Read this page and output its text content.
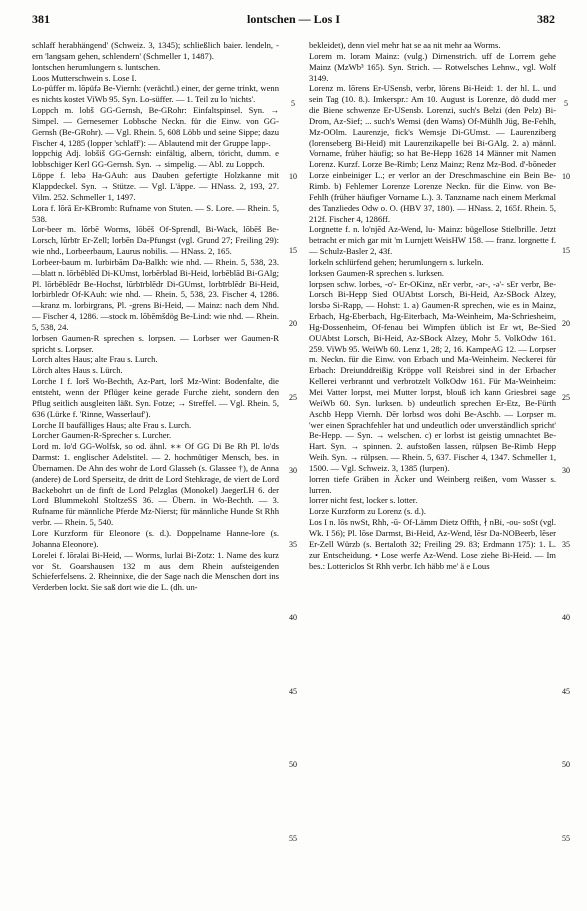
381	lontschen — Los I	382

schlaff herabhängend' (Schweiz. 3, 1345); schließlich baier. lendeln, -ern 'langsam gehen, schlendern' (Schmeller 1, 1487).

lontschen herumlungern s. luntschen.

Loos Mutterschwein s. Lose I.

Lo-püffer m. lōpüfə Be-Viernh: (verächtl.) einer, der gerne trinkt, wenn es nichts kostet ViWb 95. Syn. Lo-süffer. — 1. Teil zu lo 'nichts'.

Loppch m. lobš GG-Gernsh, Be-GRohr: Einfaltspinsel. Syn. → Simpel. — Gernesemer Lobbsche Neckn. für die Einw. von GG-Gernsh (Be-GRohr). — Vgl. Rhein. 5, 608 Löbb und seine Sippe; dazu Fischer 4, 1285 (lopper 'schlaff'): — Ablautend mit der Gruppe lapp-.

loppchig Adj. lobšiš GG-Gernsh: einfältig, albern, töricht, dumm. e lobbschiger Kerl GG-Gernsh. Syn. → simpelig. — Abl. zu Loppch.

Löppe f. lebə Ha-GAuh: aus Dauben gefertigte Holzkanne mit Klappdeckel. Syn. → Stütze. — Vgl. L'äppe. — HNass. 2, 193, 27. Vilm. 252. Schmeller 1, 1497.

Lora f. lōrā Er-KBromb: Rufname von Stuten. — S. Lore. — Rhein. 5, 538.

Lor-beer m. lōrbē Worms, lōbēš Of-Sprendl, Bi-Wack, lōbēš Be-Lorsch, lūrbīr Er-Zell; lorbēn Da-Pfungst (vgl. Grund 27; Freiling 29): wie nhd., Lorbeerbaum, Laurus nobilis. — HNass. 2, 165.

Lorbeer-baum m. lurbirbām Da-Balkh: wie nhd. — Rhein. 5, 538, 23. —blatt n. lōrbēblēd Di-KUmst, lorbērblad Bi-Heid, lorbēblād Bi-GAlg; Pl. lōrbēblēdr Be-Hochst, lūrbīrblēdr Di-GUmst, lorbīrblēdr Bi-Heid, lorbirbledr Of-KAuh: wie nhd. — Rhein. 5, 538, 23. Fischer 4, 1286. —kranz m. lorbirgrans, Pl. -grens Bi-Heid, — Mainz: nach dem Nhd. — Fischer 4, 1286. —stock m. lōbēmšdög Be-Lind: wie nhd. — Rhein. 5, 538, 24.

lorbsen Gaumen-R sprechen s. lorpsen. — Lorbser wer Gaumen-R spricht s. Lorpser.

Lorch altes Haus; alte Frau s. Lurch.

Lörch altes Haus s. Lürch.

Lorche I f. lorš Wo-Bechth, Az-Part, lorš Mz-Wint: Bodenfalte, die entsteht, wenn der Pflüger keine gerade Furche zieht, sondern den Pflug seitlich ausgleiten läßt. Syn. Fotze; → Streffel. — Vgl. Rhein. 5, 636 (Lürke f. 'Rinne, Wasserlauf').

Lorche II baufälliges Haus; alte Frau s. Lurch.

Lorcher Gaumen-R-Sprecher s. Lurcher.

Lord m. lo'd GG-Wolfsk, so od. ähnl. ∗∗ Of GG Di Be Rh Pl. lo'ds Darmst: 1. englischer Adelstitel. — 2. hochmütiger Mensch, bes. in Übernamen. De Ahn des wohr de Lord Glasseh (s. Glassee †), de Anna (andere) de Lord Sperseitz, de dritt de Lord Stehkrage, de viert de Lord Backebohrt un de finft de Lord Pelzglas (Monokel) JaegerLH 6. der Lord Blummekohl StoltzeSS 36. — Übern. in Wo-Bechth. — 3. Rufname für männliche Pferde Mz-Nierst; für männliche Hunde St Rhh verbr. — Rhein. 5, 540.

Lore Kurzform für Eleonore (s. d.). Doppelname Hanne-lore (s. Johanna Eleonore).

Lorelei f. lōrəlai Bi-Heid, — Worms, lurlai Bi-Zotz: 1. Name des kurz vor St. Goarshausen 132 m aus dem Rhein aufsteigenden Schieferfelsens. 2. Rheinnixe, die der Sage nach die Menschen dort ins Verderben lockt. Sie saß dort wie die L. (dh. un-

5
10
15
20
25
30
35
40
45
50
55

bekleidet), denn viel mehr hat se aa nit mehr aa Worms.

Lorem m. lorəm Mainz: (vulg.) Dirnenstrich. uff de Lorrem gehe Mainz (MzWb³ 165). Syn. Strich. — Rotwelsches Lehnw., vgl. Wolf 3149.

Lorenz m. lōrens Er-USensb, verbr, lōrens Bi-Heid: 1. der hl. L. und sein Tag (10. 8.). Imkerspr.: Am 10. August is Lorenze, dö dudd mer die Biene schwenze Er-USensb. Lorenzi, such's Belzi (den Pelz) Bi-Drom, Az-Sief; ... such's Wemsi (den Wams) Of-Mühlh Jüg, Be-Fehlh, Mz-OOlm. Laurenzje, fick's Wemsje Di-GUmst. — Laurenziberg (lorenseberg Bi-Heid) mit Laurenzikapelle bei Bi-GAlg. 2. a) männl. Vorname, früher häufig; so hat Be-Hepp 1628 14 Männer mit Namen Lorenz. Kurzf. Lorze Be-Rimb; Lenz Mainz; Renz Mz-Bod. d'-bōneder Lorze einbeiniger L.; er verlor an der Dreschmaschine ein Bein Be-Rimb. b) Fehlemer Lorenze Lorenze Neckn. für die Einw. von Be-Fehlh (früher häufiger Vorname L.). 3. Tanzname nach einem Merkmal des Tanzliedes Odw o. O. (HBV 37, 180). — HNass. 2, 165f. Rhein. 5, 212f. Fischer 4, 1286ff.

Lorgnette f. n. lo'njēd Az-Wend, lu- Mainz: bügellose Stielbrille. Jetzt betracht er mich gar mit 'm Lurnjett WeisHW 158. — franz. lorgnette f. — Schulz-Basler 2, 43f.

lorkeln schlürfend gehen; herumlungern s. lurkeln.

lorksen Gaumen-R sprechen s. lurksen.

lorpsen schw. lorbes, -o'- Er-OKinz, nEr verbr, -ər-, -ə'- sEr verbr, Be-Lorsch Bi-Hepp Sied OUAbtst Lorsch, Bi-Heid, Az-SBock Alzey, lorsbə Si-Rapp, — Hohst: 1. a) Gaumen-R sprechen, wie es in Mainz, Erbach, Hg-Eberbach, Hg-Eiterbach, Ma-Weinheim, Ma-Schriesheim, Hg-Dossenheim, Of-fenau bei Wimpfen üblich ist Er wt, Be-Sied OUAbtst Lorsch, Bi-Heid, Az-SBock Alzey, Mohr 5. VolkOdw 161. 259. ViWb 95. WeiWb 60. Lenz 1, 28; 2, 16. KampeAG 12. — Lorpser m. Neckn. für die Einw. von Erbach und Ma-Weinheim. Neckerei für Erbach: Dreiunddreißig Kröppe voll Reisbrei sind in der Erbacher Kellerei verbrannt und verbrotzelt VolkOdw 161. Für Ma-Weinheim: Mei Vatter lorpst, mei Mutter lorpst, blouß ich kann Griesbrei sage WeiWb 60. Syn. lurksen. b) undeutlich sprechen Er-Etz, Be-Fürth Aschb Hepp Viernh. Dēr lorbsd wos dohi Be-Aschb. — Lorpser m. 'wer einen Sprachfehler hat und undeutlich oder unverständlich spricht' Be-Hepp. — Syn. → welschen. c) er lorbst ist geistig umnachtet Be-Hart. Syn. → spinnen. 2. aufstoßen lassen, rülpsen Be-Rimb Hepp Weih. Syn. → rülpsen. — Rhein. 5, 637. Fischer 4, 1347. Schmeller 1, 1500. — Vgl. Schweiz. 3, 1385 (lurpen).

lorren tiefe Gräben in Äcker und Weinberg reißen, vom Wasser s. lurren.

lorrer nicht fest, locker s. lotter.

Lorze Kurzform zu Lorenz (s. d.).

Los I n. lōs nwSt, Rhh, -ū- Of-Lämm Dietz Offth, ∤ nBi, -ou- soSt (vgl. Wk. I 56); Pl. lōse Darmst, Bi-Heid, Az-Wend, lēsr Da-NOBeerb, lēser Er-Zell Würzb (s. Bertaloth 32; Freiling 29. 83; Erdmann 175): 1. L. zur Entscheidung. • Lose werfe Az-Wend. Lose ziehe Bi-Heid. — Im bes.: Lottericlos St Rhh verbr. Ich häbb me' ä e Lous

5
10
15
20
25
30
35
40
45
50
55
